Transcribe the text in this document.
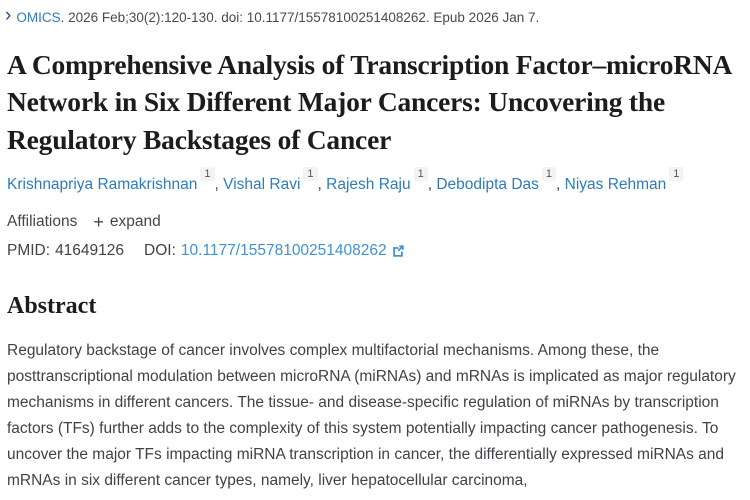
› OMICS . 2026 Feb;30(2):120-130. doi: 10.1177/15578100251408262. Epub 2026 Jan 7.
A Comprehensive Analysis of Transcription Factor–microRNA Network in Six Different Major Cancers: Uncovering the Regulatory Backstages of Cancer
Krishnapriya Ramakrishnan$^1$, Vishal Ravi$^1$, Rajesh Raju$^1$, Debodipta Das$^1$, Niyas Rehman$^1$
Affiliations + expand
PMID: 41649126 DOI: 10.1177/15578100251408262
Abstract

Regulatory backstage of cancer involves complex multifactorial mechanisms. Among these, the posttranscriptional modulation between microRNA (miRNAs) and mRNAs is implicated as major regulatory mechanisms in different cancers. The tissue- and disease-specific regulation of miRNAs by transcription factors (TFs) further adds to the complexity of this system potentially impacting cancer pathogenesis. To uncover the major TFs impacting miRNA transcription in cancer, the differentially expressed miRNAs and mRNAs in six different cancer types, namely, liver hepatocellular carcinoma,
